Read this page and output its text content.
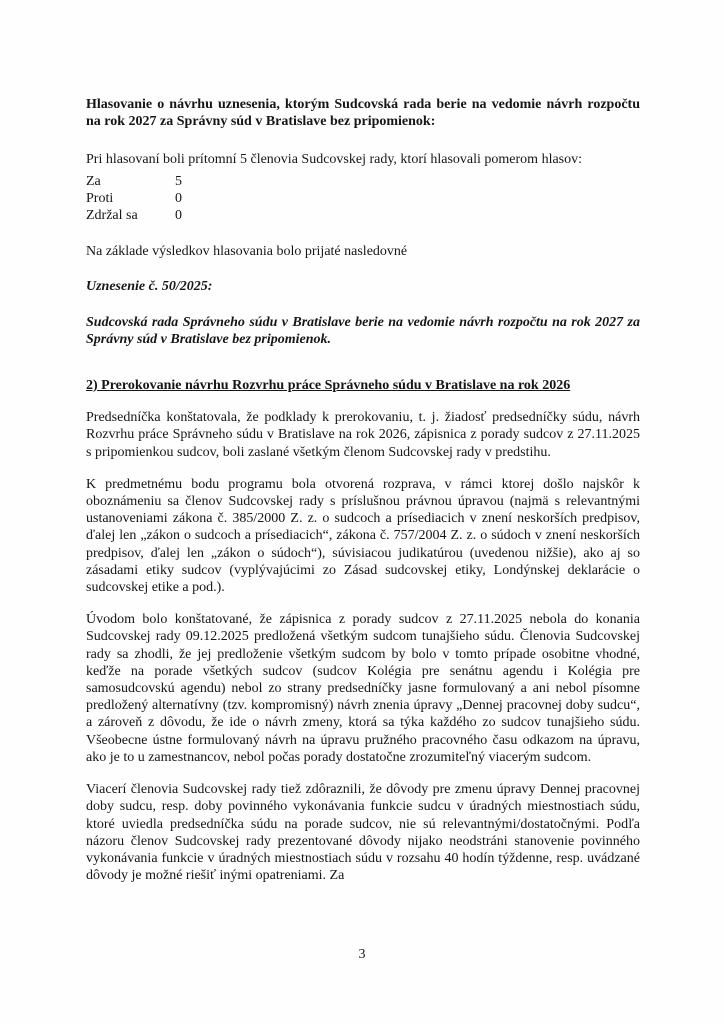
Hlasovanie o návrhu uznesenia, ktorým Sudcovská rada berie na vedomie návrh rozpočtu na rok 2027 za Správny súd v Bratislave bez pripomienok:
Pri hlasovaní boli prítomní 5 členovia Sudcovskej rady, ktorí hlasovali pomerom hlasov:
Za	5
Proti	0
Zdržal sa	0
Na základe výsledkov hlasovania bolo prijaté nasledovné
Uznesenie č. 50/2025:
Sudcovská rada Správneho súdu v Bratislave berie na vedomie návrh rozpočtu na rok 2027 za Správny súd v Bratislave bez pripomienok.
2) Prerokovanie návrhu Rozvrhu práce Správneho súdu v Bratislave na rok 2026

Predsedníčka konštatovala, že podklady k prerokovaniu, t. j. žiadosť predsedníčky súdu, návrh Rozvrhu práce Správneho súdu v Bratislave na rok 2026, zápisnica z porady sudcov z 27.11.2025 s pripomienkou sudcov, boli zaslané všetkým členom Sudcovskej rady v predstihu.

K predmetnému bodu programu bola otvorená rozprava, v rámci ktorej došlo najskôr k oboznámeniu sa členov Sudcovskej rady s príslušnou právnou úpravou (najmä s relevantnými ustanoveniami zákona č. 385/2000 Z. z. o sudcoch a prísediacich v znení neskorších predpisov, ďalej len „zákon o sudcoch a prísediacich“, zákona č. 757/2004 Z. z. o súdoch v znení neskorších predpisov, ďalej len „zákon o súdoch“), súvisiacou judikatúrou (uvedenou nižšie), ako aj so zásadami etiky sudcov (vyplývajúcimi zo Zásad sudcovskej etiky, Londýnskej deklarácie o sudcovskej etike a pod.).

Úvodom bolo konštatované, že zápisnica z porady sudcov z 27.11.2025 nebola do konania Sudcovskej rady 09.12.2025 predložená všetkým sudcom tunajšieho súdu. Členovia Sudcovskej rady sa zhodli, že jej predloženie všetkým sudcom by bolo v tomto prípade osobitne vhodné, keďže na porade všetkých sudcov (sudcov Kolégia pre senátnu agendu i Kolégia pre samosudcovskú agendu) nebol zo strany predsedníčky jasne formulovaný a ani nebol písomne predložený alternatívny (tzv. kompromisný) návrh znenia úpravy „Dennej pracovnej doby sudcu“, a zároveň z dôvodu, že ide o návrh zmeny, ktorá sa týka každého zo sudcov tunajšieho súdu. Všeobecne ústne formulovaný návrh na úpravu pružného pracovného času odkazom na úpravu, ako je to u zamestnancov, nebol počas porady dostatočne zrozumiteľný viacerým sudcom.

Viacerí členovia Sudcovskej rady tiež zdôraznili, že dôvody pre zmenu úpravy Dennej pracovnej doby sudcu, resp. doby povinného vykonávania funkcie sudcu v úradných miestnostiach súdu, ktoré uviedla predsedníčka súdu na porade sudcov, nie sú relevantnými/dostatočnými. Podľa názoru členov Sudcovskej rady prezentované dôvody nijako neodstráni stanovenie povinného vykonávania funkcie v úradných miestnostiach súdu v rozsahu 40 hodín týždenne, resp. uvádzané dôvody je možné riešiť inými opatreniami. Za

3
